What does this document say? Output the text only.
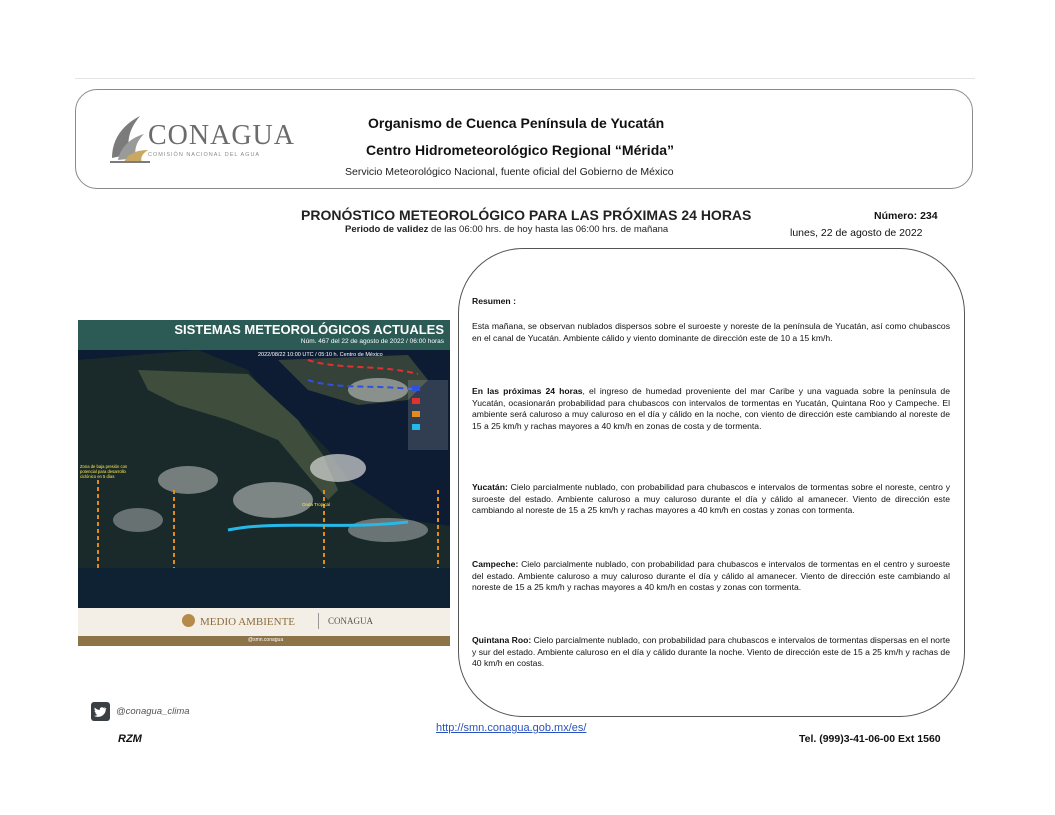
CONAGUA
COMISIÓN NACIONAL DEL AGUA
Organismo de Cuenca Península de Yucatán
Centro Hidrometeorológico Regional “Mérida”
Servicio Meteorológico Nacional, fuente oficial del Gobierno de México
PRONÓSTICO METEOROLÓGICO PARA LAS PRÓXIMAS 24 HORAS
Periodo de validez de las 06:00 hrs. de hoy hasta las 06:00 hrs. de mañana
Número: 234
lunes, 22 de agosto de 2022
SISTEMAS METEOROLÓGICOS ACTUALES
Núm. 467 del 22 de agosto de 2022 / 06:00 horas
2022/08/22 10:00 UTC / 05:10 h. Centro de México
Zona de baja presión con potencial para desarrollo ciclónico en 5 días
Onda Tropical
MEDIO AMBIENTE	CONAGUA
@smn.conagua
Resumen :
Esta mañana, se observan nublados dispersos sobre el suroeste y noreste de la península de Yucatán, así como chubascos en el canal de Yucatán. Ambiente cálido y viento dominante de dirección este de 10 a 15 km/h.
En las próximas 24 horas, el ingreso de humedad proveniente del mar Caribe y una vaguada sobre la península de Yucatán, ocasionarán probabilidad para chubascos con intervalos de tormentas en Yucatán, Quintana Roo y Campeche. El ambiente será caluroso a muy caluroso en el día y cálido en la noche, con viento de dirección este cambiando al noreste de 15 a 25 km/h y rachas mayores a 40 km/h en zonas de costa y de tormenta.
Yucatán: Cielo parcialmente nublado, con probabilidad para chubascos e intervalos de tormentas sobre el noreste, centro y suroeste del estado. Ambiente caluroso a muy caluroso durante el día y cálido al amanecer. Viento de dirección este cambiando al noreste de 15 a 25 km/h y rachas mayores a 40 km/h en costas y zonas con tormenta.
Campeche: Cielo parcialmente nublado, con probabilidad para chubascos e intervalos de tormentas en el centro y suroeste del estado. Ambiente caluroso a muy caluroso durante el día y cálido al amanecer. Viento de dirección este cambiando al noreste de 15 a 25 km/h y rachas mayores a 40 km/h en costas y zonas con tormenta.
Quintana Roo: Cielo parcialmente nublado, con probabilidad para chubascos e intervalos de tormentas dispersas en el norte y sur del estado. Ambiente caluroso en el día y cálido durante la noche. Viento de dirección este de 15 a 25 km/h y rachas de 40 km/h en costas.
@conagua_clima
RZM
http://smn.conagua.gob.mx/es/
Tel. (999)3-41-06-00 Ext 1560
